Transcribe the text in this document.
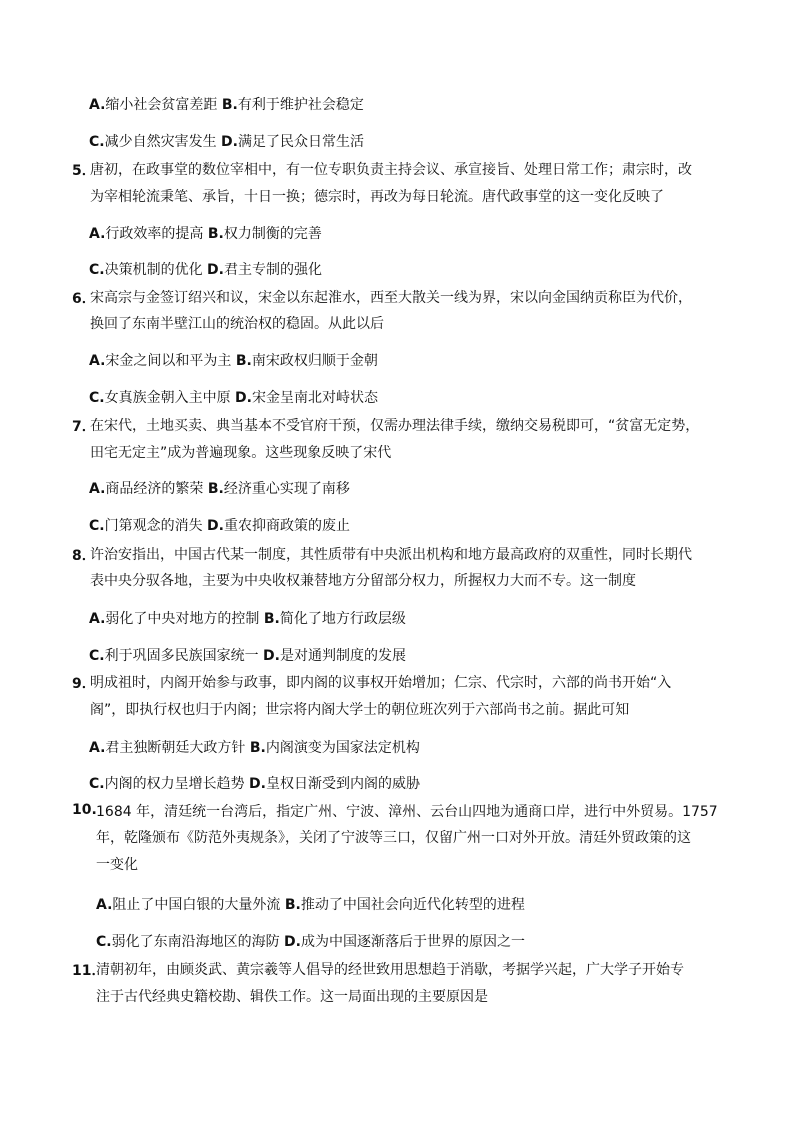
A.缩小社会贫富差距 B.有利于维护社会稳定
C.减少自然灾害发生 D.满足了民众日常生活
5．
唐初，在政事堂的数位宰相中，有一位专职负责主持会议、承宣接旨、处理日常工作；肃宗时，改
为宰相轮流秉笔、承旨，十日一换；德宗时，再改为每日轮流。唐代政事堂的这一变化反映了
A.行政效率的提高 B.权力制衡的完善
C.决策机制的优化 D.君主专制的强化
6．
宋高宗与金签订绍兴和议，宋金以东起淮水，西至大散关一线为界，宋以向金国纳贡称臣为代价，
换回了东南半壁江山的统治权的稳固。从此以后
A.宋金之间以和平为主 B.南宋政权归顺于金朝
C.女真族金朝入主中原 D.宋金呈南北对峙状态
7．
在宋代，土地买卖、典当基本不受官府干预，仅需办理法律手续，缴纳交易税即可，“贫富无定势，
田宅无定主”成为普遍现象。这些现象反映了宋代
A.商品经济的繁荣 B.经济重心实现了南移
C.门第观念的消失 D.重农抑商政策的废止
8．
许治安指出，中国古代某一制度，其性质带有中央派出机构和地方最高政府的双重性，同时长期代
表中央分驭各地，主要为中央收权兼替地方分留部分权力，所握权力大而不专。这一制度
A.弱化了中央对地方的控制 B.简化了地方行政层级
C.利于巩固多民族国家统一 D.是对通判制度的发展
9．
明成祖时，内阁开始参与政事，即内阁的议事权开始增加；仁宗、代宗时，六部的尚书开始“入
阁”，即执行权也归于内阁；世宗将内阁大学士的朝位班次列于六部尚书之前。据此可知
A.君主独断朝廷大政方针 B.内阁演变为国家法定机构
C.内阁的权力呈增长趋势 D.皇权日渐受到内阁的威胁
10. 1684 年，清廷统一台湾后，指定广州、宁波、漳州、云台山四地为通商口岸，进行中外贸易。1757
年，乾隆颁布《防范外夷规条》，关闭了宁波等三口，仅留广州一口对外开放。清廷外贸政策的这
一变化
A.阻止了中国白银的大量外流 B.推动了中国社会向近代化转型的进程
C.弱化了东南沿海地区的海防 D.成为中国逐渐落后于世界的原因之一
11．
清朝初年，由顾炎武、黄宗羲等人倡导的经世致用思想趋于消歇，考据学兴起，广大学子开始专
注于古代经典史籍校勘、辑佚工作。这一局面出现的主要原因是
